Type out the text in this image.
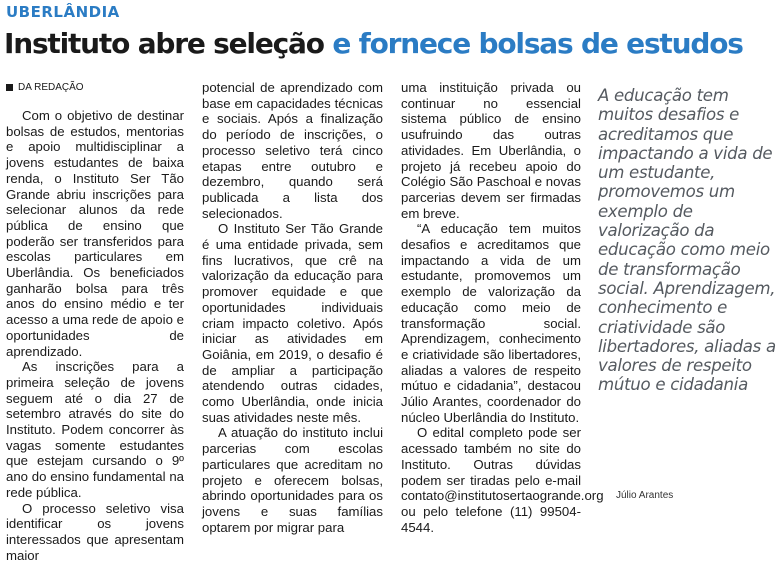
UBERLÂNDIA
Instituto abre seleção e fornece bolsas de estudos
DA REDAÇÃO

Com o objetivo de destinar bolsas de estudos, mentorias e apoio multidisciplinar a jovens estudantes de baixa renda, o Instituto Ser Tão Grande abriu inscrições para selecionar alunos da rede pública de ensino que poderão ser transferidos para escolas particulares em Uberlândia. Os beneficiados ganharão bolsa para três anos do ensino médio e ter acesso a uma rede de apoio e oportunidades de aprendizado.

As inscrições para a primeira seleção de jovens seguem até o dia 27 de setembro através do site do Instituto. Podem concorrer às vagas somente estudantes que estejam cursando o 9º ano do ensino fundamental na rede pública.

O processo seletivo visa identificar os jovens interessados que apresentam maior

potencial de aprendizado com base em capacidades técnicas e sociais. Após a finalização do período de inscrições, o processo seletivo terá cinco etapas entre outubro e dezembro, quando será publicada a lista dos selecionados.

O Instituto Ser Tão Grande é uma entidade privada, sem fins lucrativos, que crê na valorização da educação para promover equidade e que oportunidades individuais criam impacto coletivo. Após iniciar as atividades em Goiânia, em 2019, o desafio é de ampliar a participação atendendo outras cidades, como Uberlândia, onde inicia suas atividades neste mês.

A atuação do instituto inclui parcerias com escolas particulares que acreditam no projeto e oferecem bolsas, abrindo oportunidades para os jovens e suas famílias optarem por migrar para

uma instituição privada ou continuar no essencial sistema público de ensino usufruindo das outras atividades. Em Uberlândia, o projeto já recebeu apoio do Colégio São Paschoal e novas parcerias devem ser firmadas em breve.

“A educação tem muitos desafios e acreditamos que impactando a vida de um estudante, promovemos um exemplo de valorização da educação como meio de transformação social. Aprendizagem, conhecimento e criatividade são libertadores, aliadas a valores de respeito mútuo e cidadania”, destacou Júlio Arantes, coordenador do núcleo Uberlândia do Instituto.

O edital completo pode ser acessado também no site do Instituto. Outras dúvidas podem ser tiradas pelo e-mail contato@institutosertaogrande.org ou pelo telefone (11) 99504-4544.

A educação tem muitos desafios e acreditamos que impactando a vida de um estudante, promovemos um exemplo de valorização da educação como meio de transformação social. Aprendizagem, conhecimento e criatividade são libertadores, aliadas a valores de respeito mútuo e cidadania
Júlio Arantes
